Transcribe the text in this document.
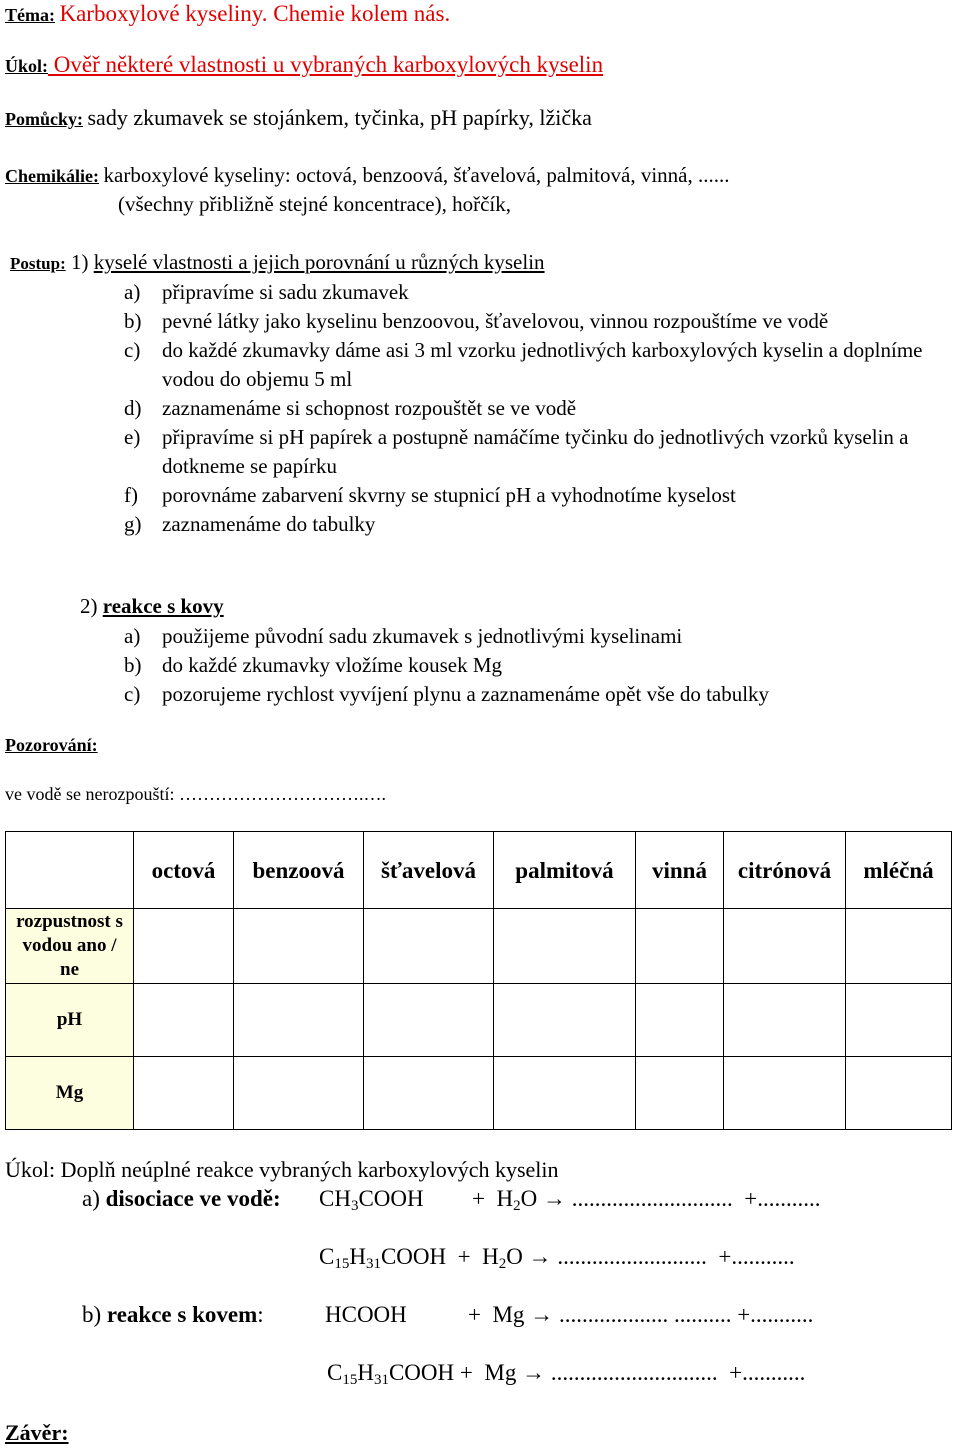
Téma: Karboxylové kyseliny. Chemie kolem nás.
Úkol: Ověř některé vlastnosti u vybraných karboxylových kyselin
Pomůcky: sady zkumavek se stojánkem, tyčinka, pH papírky, lžička
Chemikálie: karboxylové kyseliny: octová, benzoová, šťavelová, palmitová, vinná, ......
(všechny přibližně stejné koncentrace), hořčík,
Postup: 1) kyselé vlastnosti a jejich porovnání u různých kyselin
a) připravíme si sadu zkumavek
b) pevné látky jako kyselinu benzoovou, šťavelovou, vinnou rozpouštíme ve vodě
c) do každé zkumavky dáme asi 3 ml vzorku jednotlivých karboxylových kyselin a doplníme vodou do objemu 5 ml
d) zaznamenáme si schopnost rozpouštět se ve vodě
e) připravíme si pH papírek a postupně namáčíme tyčinku do jednotlivých vzorků kyselin a dotkneme se papírku
f) porovnáme zabarvení skvrny se stupnicí pH a vyhodnotíme kyselost
g) zaznamenáme do tabulky
2) reakce s kovy
a) použijeme původní sadu zkumavek s jednotlivými kyselinami
b) do každé zkumavky vložíme kousek Mg
c) pozorujeme rychlost vyvíjení plynu a zaznamenáme opět vše do tabulky
Pozorování:
ve vodě se nerozpouští: ………………………….….
	octová	benzoová	šťavelová	palmitová	vinná	citrónová	mléčná
rozpustnost s vodou ano / ne							
pH							
Mg							
Úkol: Doplň neúplné reakce vybraných karboxylových kyselin
a) disociace ve vodě: $CH_3COOH + H_2O$ → ............................ +...........
$C_{15}H_{31}COOH + H_2O$ → .......................... +...........
b) reakce s kovem:	HCOOH	+ Mg → ................... .......... +...........
$C_{15}H_{31}COOH + Mg$ → ............................. +...........
Závěr:
